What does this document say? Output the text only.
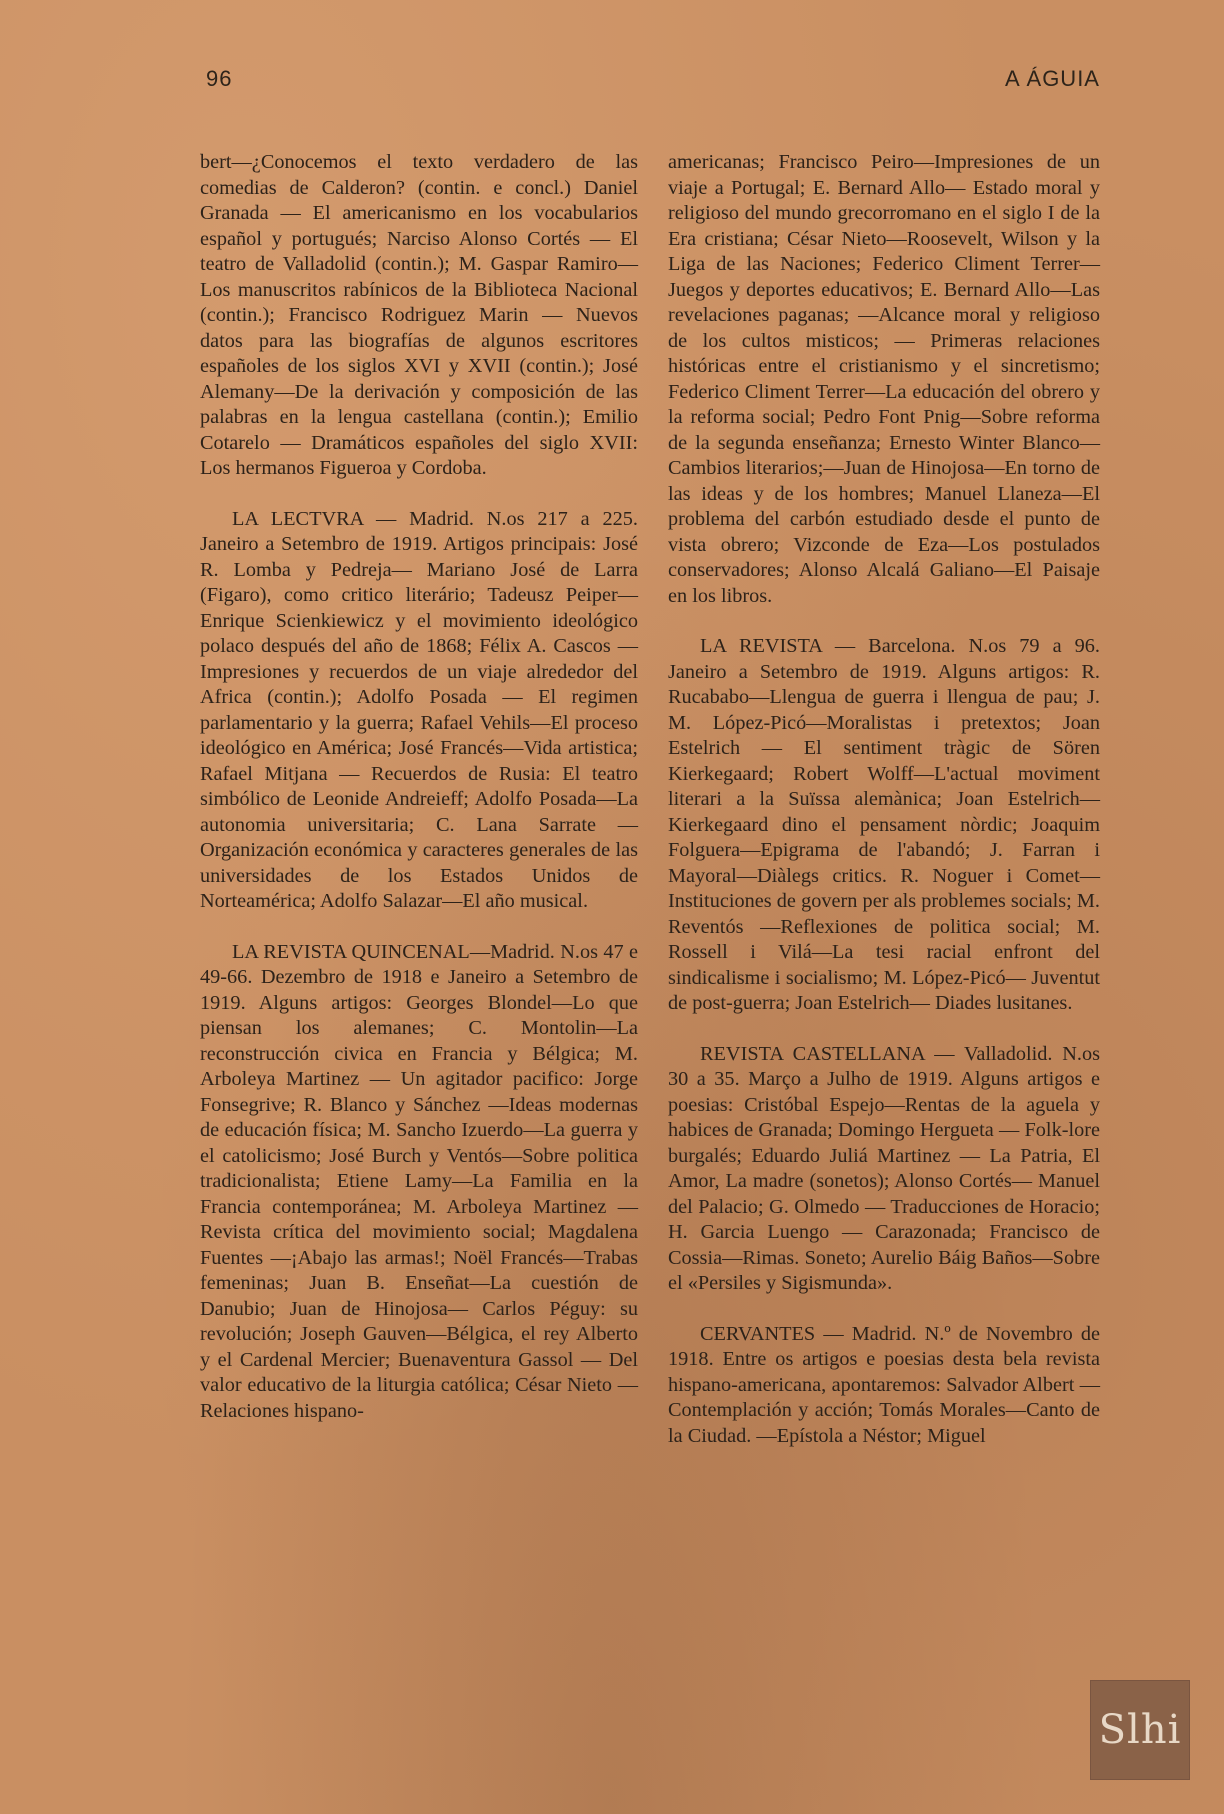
96	A ÁGUIA

bert—¿Conocemos el texto verdadero de las comedias de Calderon? (contin. e concl.) Daniel Granada — El americanismo en los vocabularios español y portugués; Narciso Alonso Cortés — El teatro de Valladolid (contin.); M. Gaspar Ramiro—Los manuscritos rabínicos de la Biblioteca Nacional (contin.); Francisco Rodriguez Marin — Nuevos datos para las biografías de algunos escritores españoles de los siglos XVI y XVII (contin.); José Alemany—De la derivación y composición de las palabras en la lengua castellana (contin.); Emilio Cotarelo — Dramáticos españoles del siglo XVII: Los hermanos Figueroa y Cordoba.

LA LECTVRA — Madrid. N.os 217 a 225. Janeiro a Setembro de 1919. Artigos principais: José R. Lomba y Pedreja— Mariano José de Larra (Figaro), como critico literário; Tadeusz Peiper—Enrique Scienkiewicz y el movimiento ideológico polaco después del año de 1868; Félix A. Cascos — Impresiones y recuerdos de un viaje alrededor del Africa (contin.); Adolfo Posada — El regimen parlamentario y la guerra; Rafael Vehils—El proceso ideológico en América; José Francés—Vida artistica; Rafael Mitjana — Recuerdos de Rusia: El teatro simbólico de Leonide Andreieff; Adolfo Posada—La autonomia universitaria; C. Lana Sarrate — Organización económica y caracteres generales de las universidades de los Estados Unidos de Norteamérica; Adolfo Salazar—El año musical.

LA REVISTA QUINCENAL—Madrid. N.os 47 e 49-66. Dezembro de 1918 e Janeiro a Setembro de 1919. Alguns artigos: Georges Blondel—Lo que piensan los alemanes; C. Montolin—La reconstrucción civica en Francia y Bélgica; M. Arboleya Martinez — Un agitador pacifico: Jorge Fonsegrive; R. Blanco y Sánchez —Ideas modernas de educación física; M. Sancho Izuerdo—La guerra y el catolicismo; José Burch y Ventós—Sobre politica tradicionalista; Etiene Lamy—La Familia en la Francia contemporánea; M. Arboleya Martinez —Revista crítica del movimiento social; Magdalena Fuentes —¡Abajo las armas!; Noël Francés—Trabas femeninas; Juan B. Enseñat—La cuestión de Danubio; Juan de Hinojosa— Carlos Péguy: su revolución; Joseph Gauven—Bélgica, el rey Alberto y el Cardenal Mercier; Buenaventura Gassol — Del valor educativo de la liturgia católica; César Nieto — Relaciones hispano-

americanas; Francisco Peiro—Impresiones de un viaje a Portugal; E. Bernard Allo— Estado moral y religioso del mundo grecorromano en el siglo I de la Era cristiana; César Nieto—Roosevelt, Wilson y la Liga de las Naciones; Federico Climent Terrer—Juegos y deportes educativos; E. Bernard Allo—Las revelaciones paganas; —Alcance moral y religioso de los cultos misticos; — Primeras relaciones históricas entre el cristianismo y el sincretismo; Federico Climent Terrer—La educación del obrero y la reforma social; Pedro Font Pnig—Sobre reforma de la segunda enseñanza; Ernesto Winter Blanco—Cambios literarios;—Juan de Hinojosa—En torno de las ideas y de los hombres; Manuel Llaneza—El problema del carbón estudiado desde el punto de vista obrero; Vizconde de Eza—Los postulados conservadores; Alonso Alcalá Galiano—El Paisaje en los libros.

LA REVISTA — Barcelona. N.os 79 a 96. Janeiro a Setembro de 1919. Alguns artigos: R. Rucababo—Llengua de guerra i llengua de pau; J. M. López-Picó—Moralistas i pretextos; Joan Estelrich — El sentiment tràgic de Sören Kierkegaard; Robert Wolff—L'actual moviment literari a la Suïssa alemànica; Joan Estelrich— Kierkegaard dino el pensament nòrdic; Joaquim Folguera—Epigrama de l'abandó; J. Farran i Mayoral—Diàlegs critics. R. Noguer i Comet—Instituciones de govern per als problemes socials; M. Reventós —Reflexiones de politica social; M. Rossell i Vilá—La tesi racial enfront del sindicalisme i socialismo; M. López-Picó— Juventut de post-guerra; Joan Estelrich— Diades lusitanes.

REVISTA CASTELLANA — Valladolid. N.os 30 a 35. Março a Julho de 1919. Alguns artigos e poesias: Cristóbal Espejo—Rentas de la aguela y habices de Granada; Domingo Hergueta — Folk-lore burgalés; Eduardo Juliá Martinez — La Patria, El Amor, La madre (sonetos); Alonso Cortés— Manuel del Palacio; G. Olmedo — Traducciones de Horacio; H. Garcia Luengo — Carazonada; Francisco de Cossia—Rimas. Soneto; Aurelio Báig Baños—Sobre el «Persiles y Sigismunda».

CERVANTES — Madrid. N.º de Novembro de 1918. Entre os artigos e poesias desta bela revista hispano-americana, apontaremos: Salvador Albert — Contemplación y acción; Tomás Morales—Canto de la Ciudad. —Epístola a Néstor; Miguel

Slhi
